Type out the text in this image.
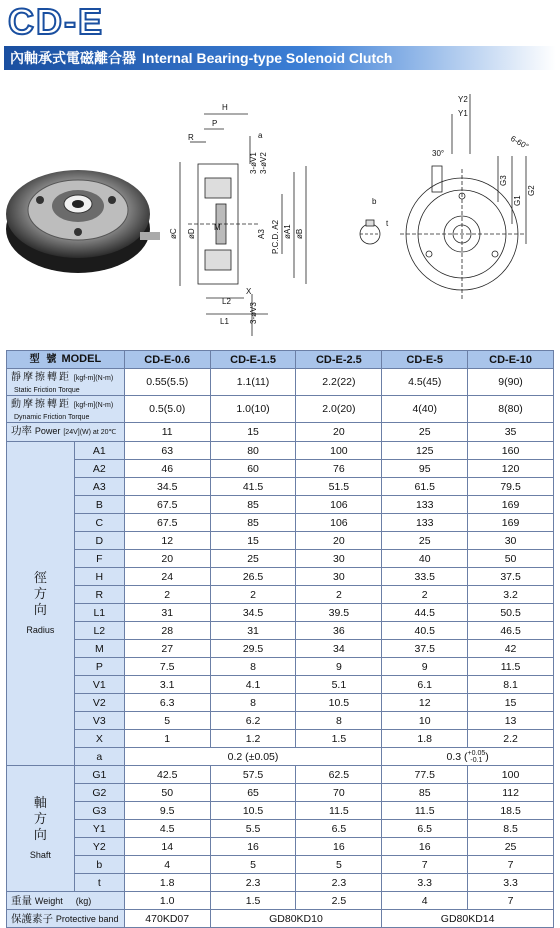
CD-E
內軸承式電磁離合器 Internal Bearing-type Solenoid Clutch
H
P
R	a
3-øV1 3-øV2
M
øC øD	A3 P.C.D. A2 øA1 øB
L2
X
L1	3-øV3
b
t
Y2
Y1
6-60°
30°
G3
G1
G2
型 號 MODEL		CD-E-0.6	CD-E-1.5	CD-E-2.5	CD-E-5	CD-E-10
靜摩擦轉距 [kgf-m](N-m)
Static Friction Torque		0.55(5.5)	1.1(11)	2.2(22)	4.5(45)	9(90)
動摩擦轉距 [kgf-m](N-m)
Dynamic Friction Torque		0.5(5.0)	1.0(10)	2.0(20)	4(40)	8(80)
功率 Power [24V](W) at 20℃		11	15	20	25	35

徑
方
向
Radius	A1	63	80	100	125	160
	A2	46	60	76	95	120
	A3	34.5	41.5	51.5	61.5	79.5
	B	67.5	85	106	133	169
	C	67.5	85	106	133	169
	D	12	15	20	25	30
	F	20	25	30	40	50
	H	24	26.5	30	33.5	37.5
	R	2	2	2	2	3.2
	L1	31	34.5	39.5	44.5	50.5
	L2	28	31	36	40.5	46.5
	M	27	29.5	34	37.5	42
	P	7.5	8	9	9	11.5
	V1	3.1	4.1	5.1	6.1	8.1
	V2	6.3	8	10.5	12	15
	V3	5	6.2	8	10	13
	X	1	1.2	1.5	1.8	2.2
	a	0.2 (±0.05)			0.3 (+0.05
-0.1 )	

軸
方
向
Shaft	G1	42.5	57.5	62.5	77.5	100
	G2	50	65	70	85	112
	G3	9.5	10.5	11.5	11.5	18.5
	Y1	4.5	5.5	6.5	6.5	8.5
	Y2	14	16	16	16	25
	b	4	5	5	7	7
	t	1.8	2.3	2.3	3.3	3.3
重量 Weight (kg)		1.0	1.5	2.5	4	7
保護素子 Protective band		470KD07	GD80KD10		GD80KD14	
